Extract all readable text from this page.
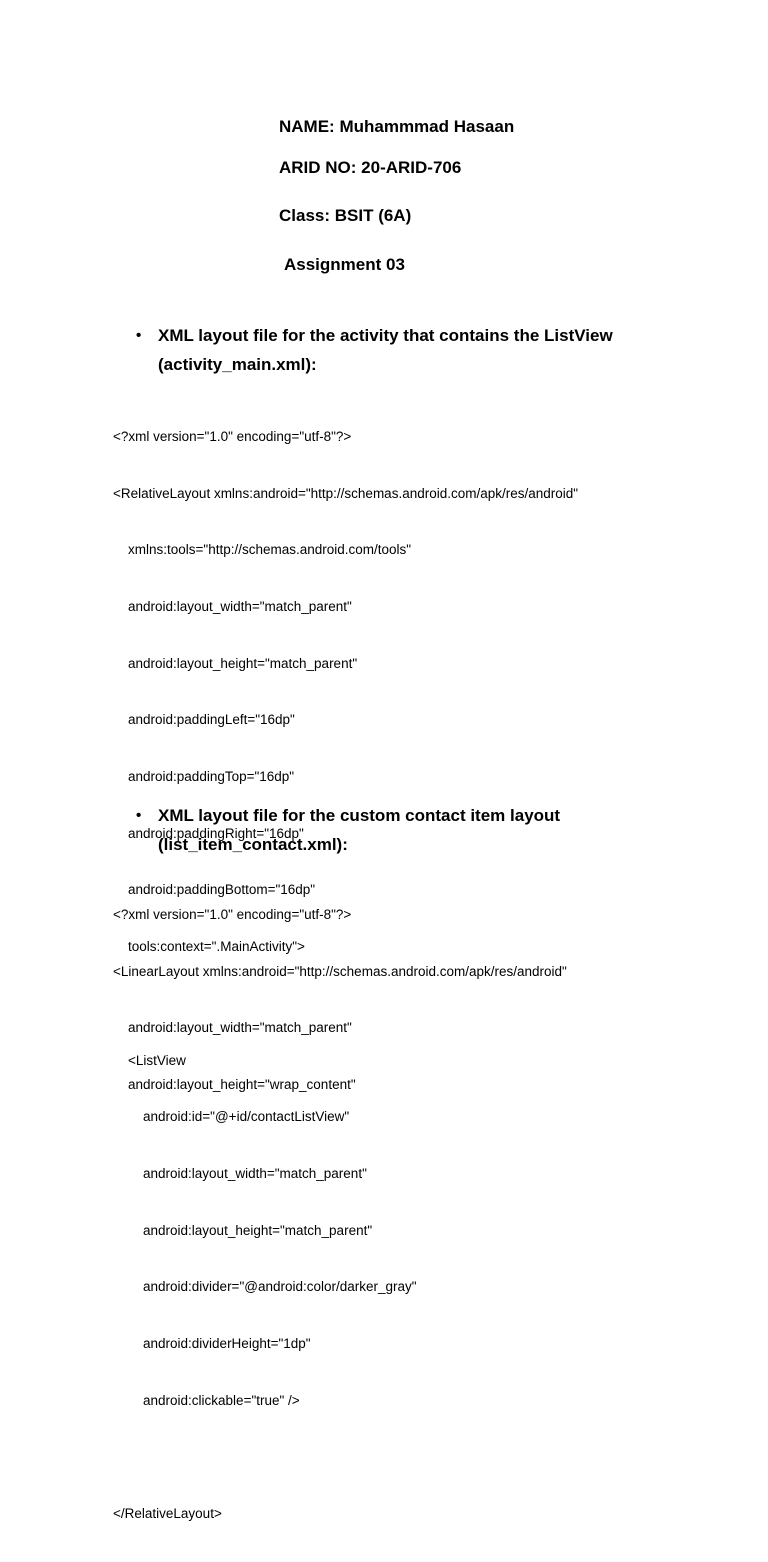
NAME: Muhammmad Hasaan
ARID NO: 20-ARID-706
Class: BSIT (6A)
Assignment 03
• XML layout file for the activity that contains the ListView
(activity_main.xml):

<?xml version="1.0" encoding="utf-8"?>

<RelativeLayout xmlns:android="http://schemas.android.com/apk/res/android"

xmlns:tools="http://schemas.android.com/tools"

android:layout_width="match_parent"

android:layout_height="match_parent"

android:paddingLeft="16dp"

android:paddingTop="16dp"

android:paddingRight="16dp"

android:paddingBottom="16dp"

tools:context=".MainActivity">

<ListView

android:id="@+id/contactListView"

android:layout_width="match_parent"

android:layout_height="match_parent"

android:divider="@android:color/darker_gray"

android:dividerHeight="1dp"

android:clickable="true" />

</RelativeLayout>

• XML layout file for the custom contact item layout
(list_item_contact.xml):

<?xml version="1.0" encoding="utf-8"?>

<LinearLayout xmlns:android="http://schemas.android.com/apk/res/android"

android:layout_width="match_parent"

android:layout_height="wrap_content"
